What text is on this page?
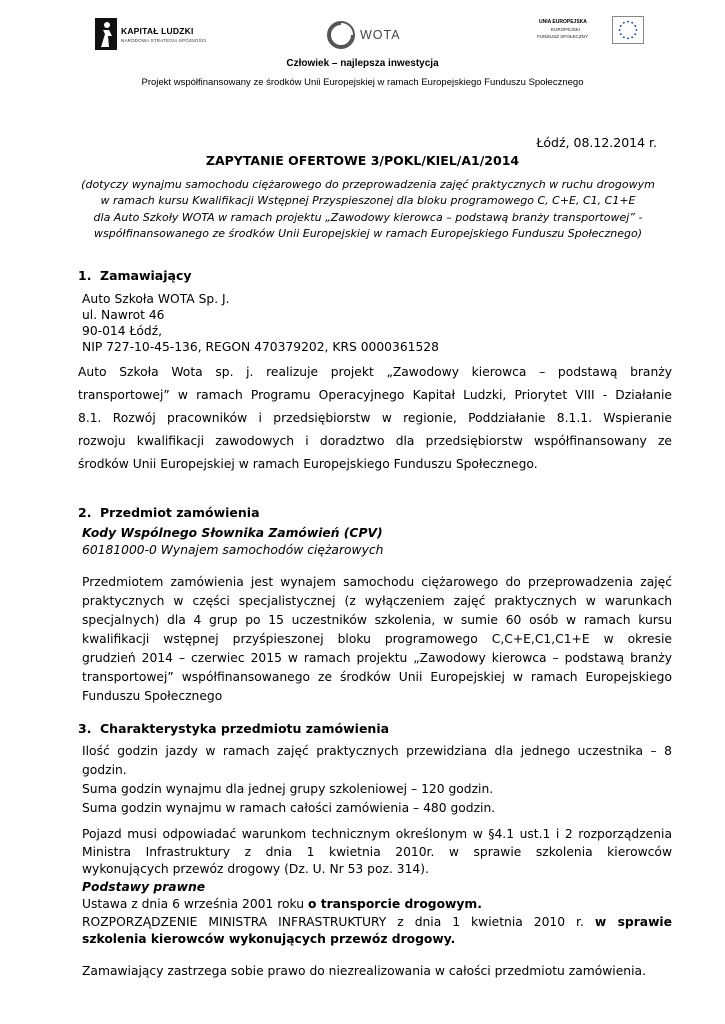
KAPITAŁ LUDZKI
NARODOWA STRATEGIA SPÓJNOŚCI	WOTA
UNIA EUROPEJSKA
EUROPEJSKI
FUNDUSZ SPOŁECZNY
Człowiek – najlepsza inwestycja
Projekt współfinansowany ze środków Unii Europejskiej w ramach Europejskiego Funduszu Społecznego
Łódź, 08.12.2014 r.
ZAPYTANIE OFERTOWE 3/POKL/KIEL/A1/2014
(dotyczy wynajmu samochodu ciężarowego do przeprowadzenia zajęć praktycznych w ruchu drogowym
w ramach kursu Kwalifikacji Wstępnej Przyspieszonej dla bloku programowego C, C+E, C1, C1+E
dla Auto Szkoły WOTA w ramach projektu „Zawodowy kierowca – podstawą branży transportowej” -
współfinansowanego ze środków Unii Europejskiej w ramach Europejskiego Funduszu Społecznego)
1. Zamawiający
Auto Szkoła WOTA Sp. J.
ul. Nawrot 46
90-014 Łódź,
NIP 727-10-45-136, REGON 470379202, KRS 0000361528
Auto Szkoła Wota sp. j. realizuje projekt „Zawodowy kierowca – podstawą branży
transportowej” w ramach Programu Operacyjnego Kapitał Ludzki, Priorytet VIII - Działanie
8.1. Rozwój pracowników i przedsiębiorstw w regionie, Poddziałanie 8.1.1. Wspieranie
rozwoju kwalifikacji zawodowych i doradztwo dla przedsiębiorstw współfinansowany ze
środków Unii Europejskiej w ramach Europejskiego Funduszu Społecznego.
2. Przedmiot zamówienia
Kody Wspólnego Słownika Zamówień (CPV)
60181000-0 Wynajem samochodów ciężarowych
Przedmiotem zamówienia jest wynajem samochodu ciężarowego do przeprowadzenia zajęć
praktycznych w części specjalistycznej (z wyłączeniem zajęć praktycznych w warunkach
specjalnych) dla 4 grup po 15 uczestników szkolenia, w sumie 60 osób w ramach kursu
kwalifikacji wstępnej przyśpieszonej bloku programowego C,C+E,C1,C1+E w okresie
grudzień 2014 – czerwiec 2015 w ramach projektu „Zawodowy kierowca – podstawą branży
transportowej” współfinansowanego ze środków Unii Europejskiej w ramach Europejskiego
Funduszu Społecznego
3. Charakterystyka przedmiotu zamówienia
Ilość godzin jazdy w ramach zajęć praktycznych przewidziana dla jednego uczestnika – 8
godzin.
Suma godzin wynajmu dla jednej grupy szkoleniowej – 120 godzin.
Suma godzin wynajmu w ramach całości zamówienia – 480 godzin.
Pojazd musi odpowiadać warunkom technicznym określonym w §4.1 ust.1 i 2 rozporządzenia
Ministra Infrastruktury z dnia 1 kwietnia 2010r. w sprawie szkolenia kierowców
wykonujących przewóz drogowy (Dz. U. Nr 53 poz. 314).
Podstawy prawne
Ustawa z dnia 6 września 2001 roku o transporcie drogowym.
ROZPORZĄDZENIE MINISTRA INFRASTRUKTURY z dnia 1 kwietnia 2010 r. w sprawie
szkolenia kierowców wykonujących przewóz drogowy.
Zamawiający zastrzega sobie prawo do niezrealizowania w całości przedmiotu zamówienia.
